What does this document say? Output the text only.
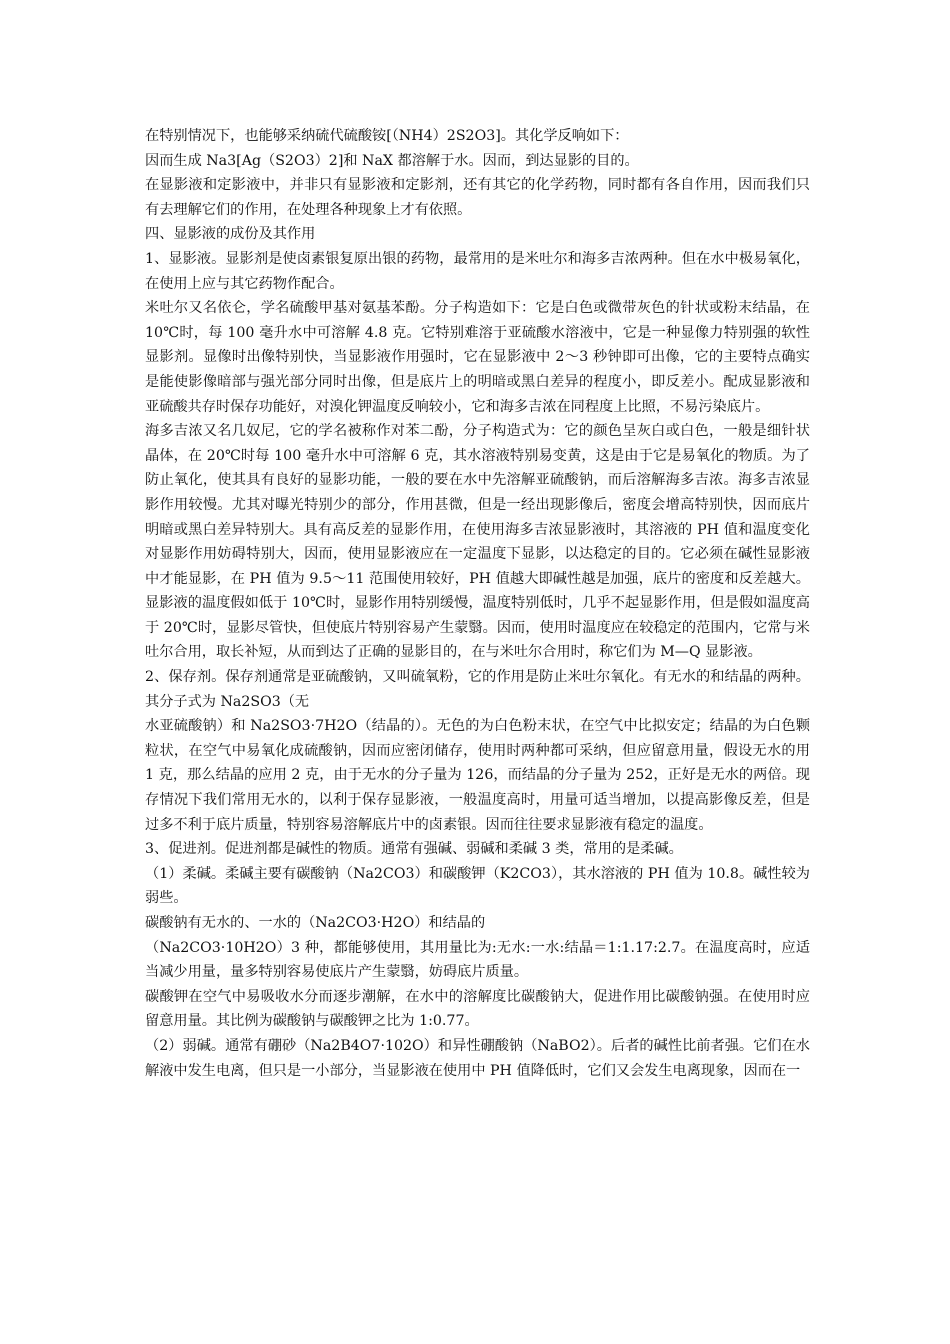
在特别情况下，也能够采纳硫代硫酸铵[（NH4）2S2O3]。其化学反响如下：

因而生成 Na3[Ag（S2O3）2]和 NaX 都溶解于水。因而，到达显影的目的。

在显影液和定影液中，并非只有显影液和定影剂，还有其它的化学药物，同时都有各自作用，因而我们只有去理解它们的作用，在处理各种现象上才有依照。

四、显影液的成份及其作用

1、显影液。显影剂是使卤素银复原出银的药物，最常用的是米吐尔和海多吉浓两种。但在水中极易氧化，在使用上应与其它药物作配合。

米吐尔又名依仑，学名硫酸甲基对氨基苯酚。分子构造如下：它是白色或微带灰色的针状或粉末结晶，在 10℃时，每 100 毫升水中可溶解 4.8 克。它特别难溶于亚硫酸水溶液中，它是一种显像力特别强的软性显影剂。显像时出像特别快，当显影液作用强时，它在显影液中 2～3 秒钟即可出像，它的主要特点确实是能使影像暗部与强光部分同时出像，但是底片上的明暗或黑白差异的程度小，即反差小。配成显影液和亚硫酸共存时保存功能好，对溴化钾温度反响较小，它和海多吉浓在同程度上比照，不易污染底片。

海多吉浓又名几奴尼，它的学名被称作对苯二酚，分子构造式为：它的颜色呈灰白或白色，一般是细针状晶体，在 20℃时每 100 毫升水中可溶解 6 克，其水溶液特别易变黄，这是由于它是易氧化的物质。为了防止氧化，使其具有良好的显影功能，一般的要在水中先溶解亚硫酸钠，而后溶解海多吉浓。海多吉浓显影作用较慢。尤其对曝光特别少的部分，作用甚微，但是一经出现影像后，密度会增高特别快，因而底片明暗或黑白差异特别大。具有高反差的显影作用，在使用海多吉浓显影液时，其溶液的 PH 值和温度变化对显影作用妨碍特别大，因而，使用显影液应在一定温度下显影，以达稳定的目的。它必须在碱性显影液中才能显影，在 PH 值为 9.5～11 范围使用较好，PH 值越大即碱性越是加强，底片的密度和反差越大。显影液的温度假如低于 10℃时，显影作用特别缓慢，温度特别低时，几乎不起显影作用，但是假如温度高于 20℃时，显影尽管快，但使底片特别容易产生蒙翳。因而，使用时温度应在较稳定的范围内，它常与米吐尔合用，取长补短，从而到达了正确的显影目的，在与米吐尔合用时，称它们为 M—Q 显影液。

2、保存剂。保存剂通常是亚硫酸钠，又叫硫氧粉，它的作用是防止米吐尔氧化。有无水的和结晶的两种。其分子式为 Na2SO3（无

水亚硫酸钠）和 Na2SO3·7H2O（结晶的）。无色的为白色粉末状，在空气中比拟安定；结晶的为白色颗粒状，在空气中易氧化成硫酸钠，因而应密闭储存，使用时两种都可采纳，但应留意用量，假设无水的用 1 克，那么结晶的应用 2 克，由于无水的分子量为 126，而结晶的分子量为 252，正好是无水的两倍。现存情况下我们常用无水的，以利于保存显影液，一般温度高时，用量可适当增加，以提高影像反差，但是过多不利于底片质量，特别容易溶解底片中的卤素银。因而往往要求显影液有稳定的温度。

3、促进剂。促进剂都是碱性的物质。通常有强碱、弱碱和柔碱 3 类，常用的是柔碱。

（1）柔碱。柔碱主要有碳酸钠（Na2CO3）和碳酸钾（K2CO3），其水溶液的 PH 值为 10.8。碱性较为弱些。

碳酸钠有无水的、一水的（Na2CO3·H2O）和结晶的

（Na2CO3·10H2O）3 种，都能够使用，其用量比为:无水:一水:结晶＝1:1.17:2.7。在温度高时，应适当减少用量，量多特别容易使底片产生蒙翳，妨碍底片质量。

碳酸钾在空气中易吸收水分而逐步潮解，在水中的溶解度比碳酸钠大，促进作用比碳酸钠强。在使用时应留意用量。其比例为碳酸钠与碳酸钾之比为 1:0.77。

（2）弱碱。通常有硼砂（Na2B4O7·102O）和异性硼酸钠（NaBO2）。后者的碱性比前者强。它们在水解液中发生电离，但只是一小部分，当显影液在使用中 PH 值降低时，它们又会发生电离现象，因而在一
